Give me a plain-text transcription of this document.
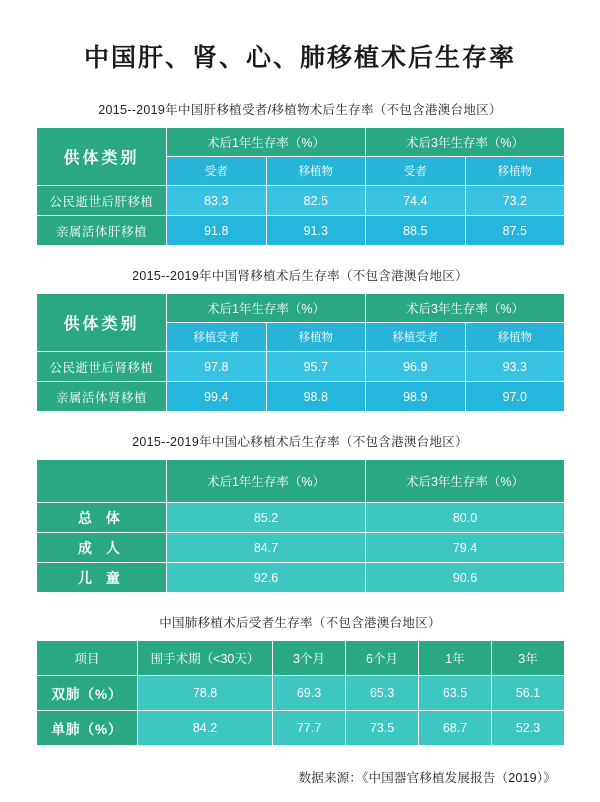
中国肝、肾、心、肺移植术后生存率
2015--2019年中国肝移植受者/移植物术后生存率（不包含港澳台地区）
供体类别	术后1年生存率（%）		术后3年生存率（%）	
	受者	移植物	受者	移植物
公民逝世后肝移植	83.3	82.5	74.4	73.2
亲属活体肝移植	91.8	91.3	88.5	87.5
2015--2019年中国肾移植术后生存率（不包含港澳台地区）
供体类别	术后1年生存率（%）		术后3年生存率（%）	
	移植受者	移植物	移植受者	移植物
公民逝世后肾移植	97.8	95.7	96.9	93.3
亲属活体肾移植	99.4	98.8	98.9	97.0
2015--2019年中国心移植术后生存率（不包含港澳台地区）
	术后1年生存率（%）	术后3年生存率（%）
总 体	85.2	80.0
成 人	84.7	79.4
儿 童	92.6	90.6
中国肺移植术后受者生存率（不包含港澳台地区）
项目	围手术期（<30天）	3个月	6个月	1年	3年
双肺（%）	78.8	69.3	65.3	63.5	56.1
单肺（%）	84.2	77.7	73.5	68.7	52.3
数据来源：《中国器官移植发展报告（2019）》
